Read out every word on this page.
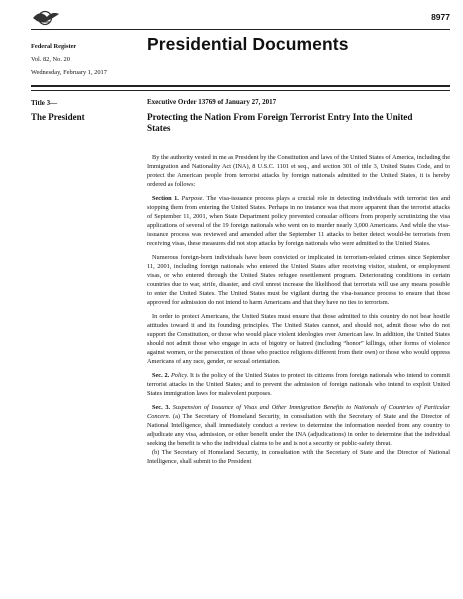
8977

Federal Register
Vol. 82, No. 20
Wednesday, February 1, 2017
Presidential Documents
Title 3—
The President
Executive Order 13769 of January 27, 2017
Protecting the Nation From Foreign Terrorist Entry Into the United States

By the authority vested in me as President by the Constitution and laws of the United States of America, including the Immigration and Nationality Act (INA), 8 U.S.C. 1101 et seq., and section 301 of title 3, United States Code, and to protect the American people from terrorist attacks by foreign nationals admitted to the United States, it is hereby ordered as follows:

Section 1. Purpose. The visa-issuance process plays a crucial role in detecting individuals with terrorist ties and stopping them from entering the United States. Perhaps in no instance was that more apparent than the terrorist attacks of September 11, 2001, when State Department policy prevented consular officers from properly scrutinizing the visa applications of several of the 19 foreign nationals who went on to murder nearly 3,000 Americans. And while the visa-issuance process was reviewed and amended after the September 11 attacks to better detect would-be terrorists from receiving visas, these measures did not stop attacks by foreign nationals who were admitted to the United States.

Numerous foreign-born individuals have been convicted or implicated in terrorism-related crimes since September 11, 2001, including foreign nationals who entered the United States after receiving visitor, student, or employment visas, or who entered through the United States refugee resettlement program. Deteriorating conditions in certain countries due to war, strife, disaster, and civil unrest increase the likelihood that terrorists will use any means possible to enter the United States. The United States must be vigilant during the visa-issuance process to ensure that those approved for admission do not intend to harm Americans and that they have no ties to terrorism.

In order to protect Americans, the United States must ensure that those admitted to this country do not bear hostile attitudes toward it and its founding principles. The United States cannot, and should not, admit those who do not support the Constitution, or those who would place violent ideologies over American law. In addition, the United States should not admit those who engage in acts of bigotry or hatred (including “honor” killings, other forms of violence against women, or the persecution of those who practice religions different from their own) or those who would oppress Americans of any race, gender, or sexual orientation.

Sec. 2. Policy. It is the policy of the United States to protect its citizens from foreign nationals who intend to commit terrorist attacks in the United States; and to prevent the admission of foreign nationals who intend to exploit United States immigration laws for malevolent purposes.

Sec. 3. Suspension of Issuance of Visas and Other Immigration Benefits to Nationals of Countries of Particular Concern. (a) The Secretary of Homeland Security, in consultation with the Secretary of State and the Director of National Intelligence, shall immediately conduct a review to determine the information needed from any country to adjudicate any visa, admission, or other benefit under the INA (adjudications) in order to determine that the individual seeking the benefit is who the individual claims to be and is not a security or public-safety threat.

(b) The Secretary of Homeland Security, in consultation with the Secretary of State and the Director of National Intelligence, shall submit to the President
